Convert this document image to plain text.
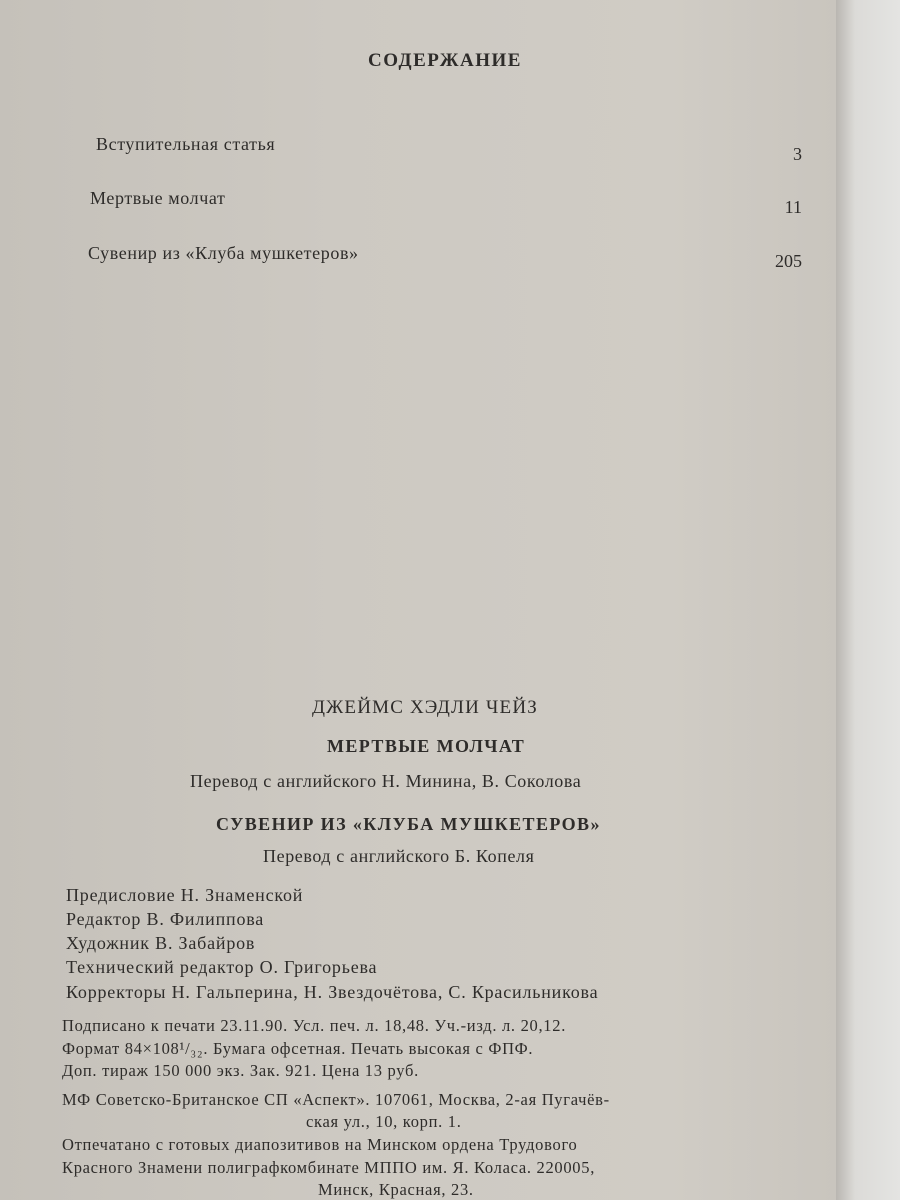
СОДЕРЖАНИЕ
Вступительная статья	3
Мертвые молчат	11
Сувенир из «Клуба мушкетеров»	205
ДЖЕЙМС ХЭДЛИ ЧЕЙЗ
МЕРТВЫЕ МОЛЧАТ
Перевод с английского Н. Минина, В. Соколова
СУВЕНИР ИЗ «КЛУБА МУШКЕТЕРОВ»
Перевод с английского Б. Копеля
Предисловие Н. Знаменской
Редактор В. Филиппова
Художник В. Забайров
Технический редактор О. Григорьева
Корректоры Н. Гальперина, Н. Звездочётова, С. Красильникова
Подписано к печати 23.11.90. Усл. печ. л. 18,48. Уч.-изд. л. 20,12.
Формат 84×108¹/₃₂. Бумага офсетная. Печать высокая с ФПФ.
Доп. тираж 150 000 экз. Зак. 921. Цена 13 руб.
МФ Советско-Британское СП «Аспект». 107061, Москва, 2-ая Пугачёв-
ская ул., 10, корп. 1.
Отпечатано с готовых диапозитивов на Минском ордена Трудового
Красного Знамени полиграфкомбинате МППО им. Я. Коласа. 220005,
Минск, Красная, 23.
